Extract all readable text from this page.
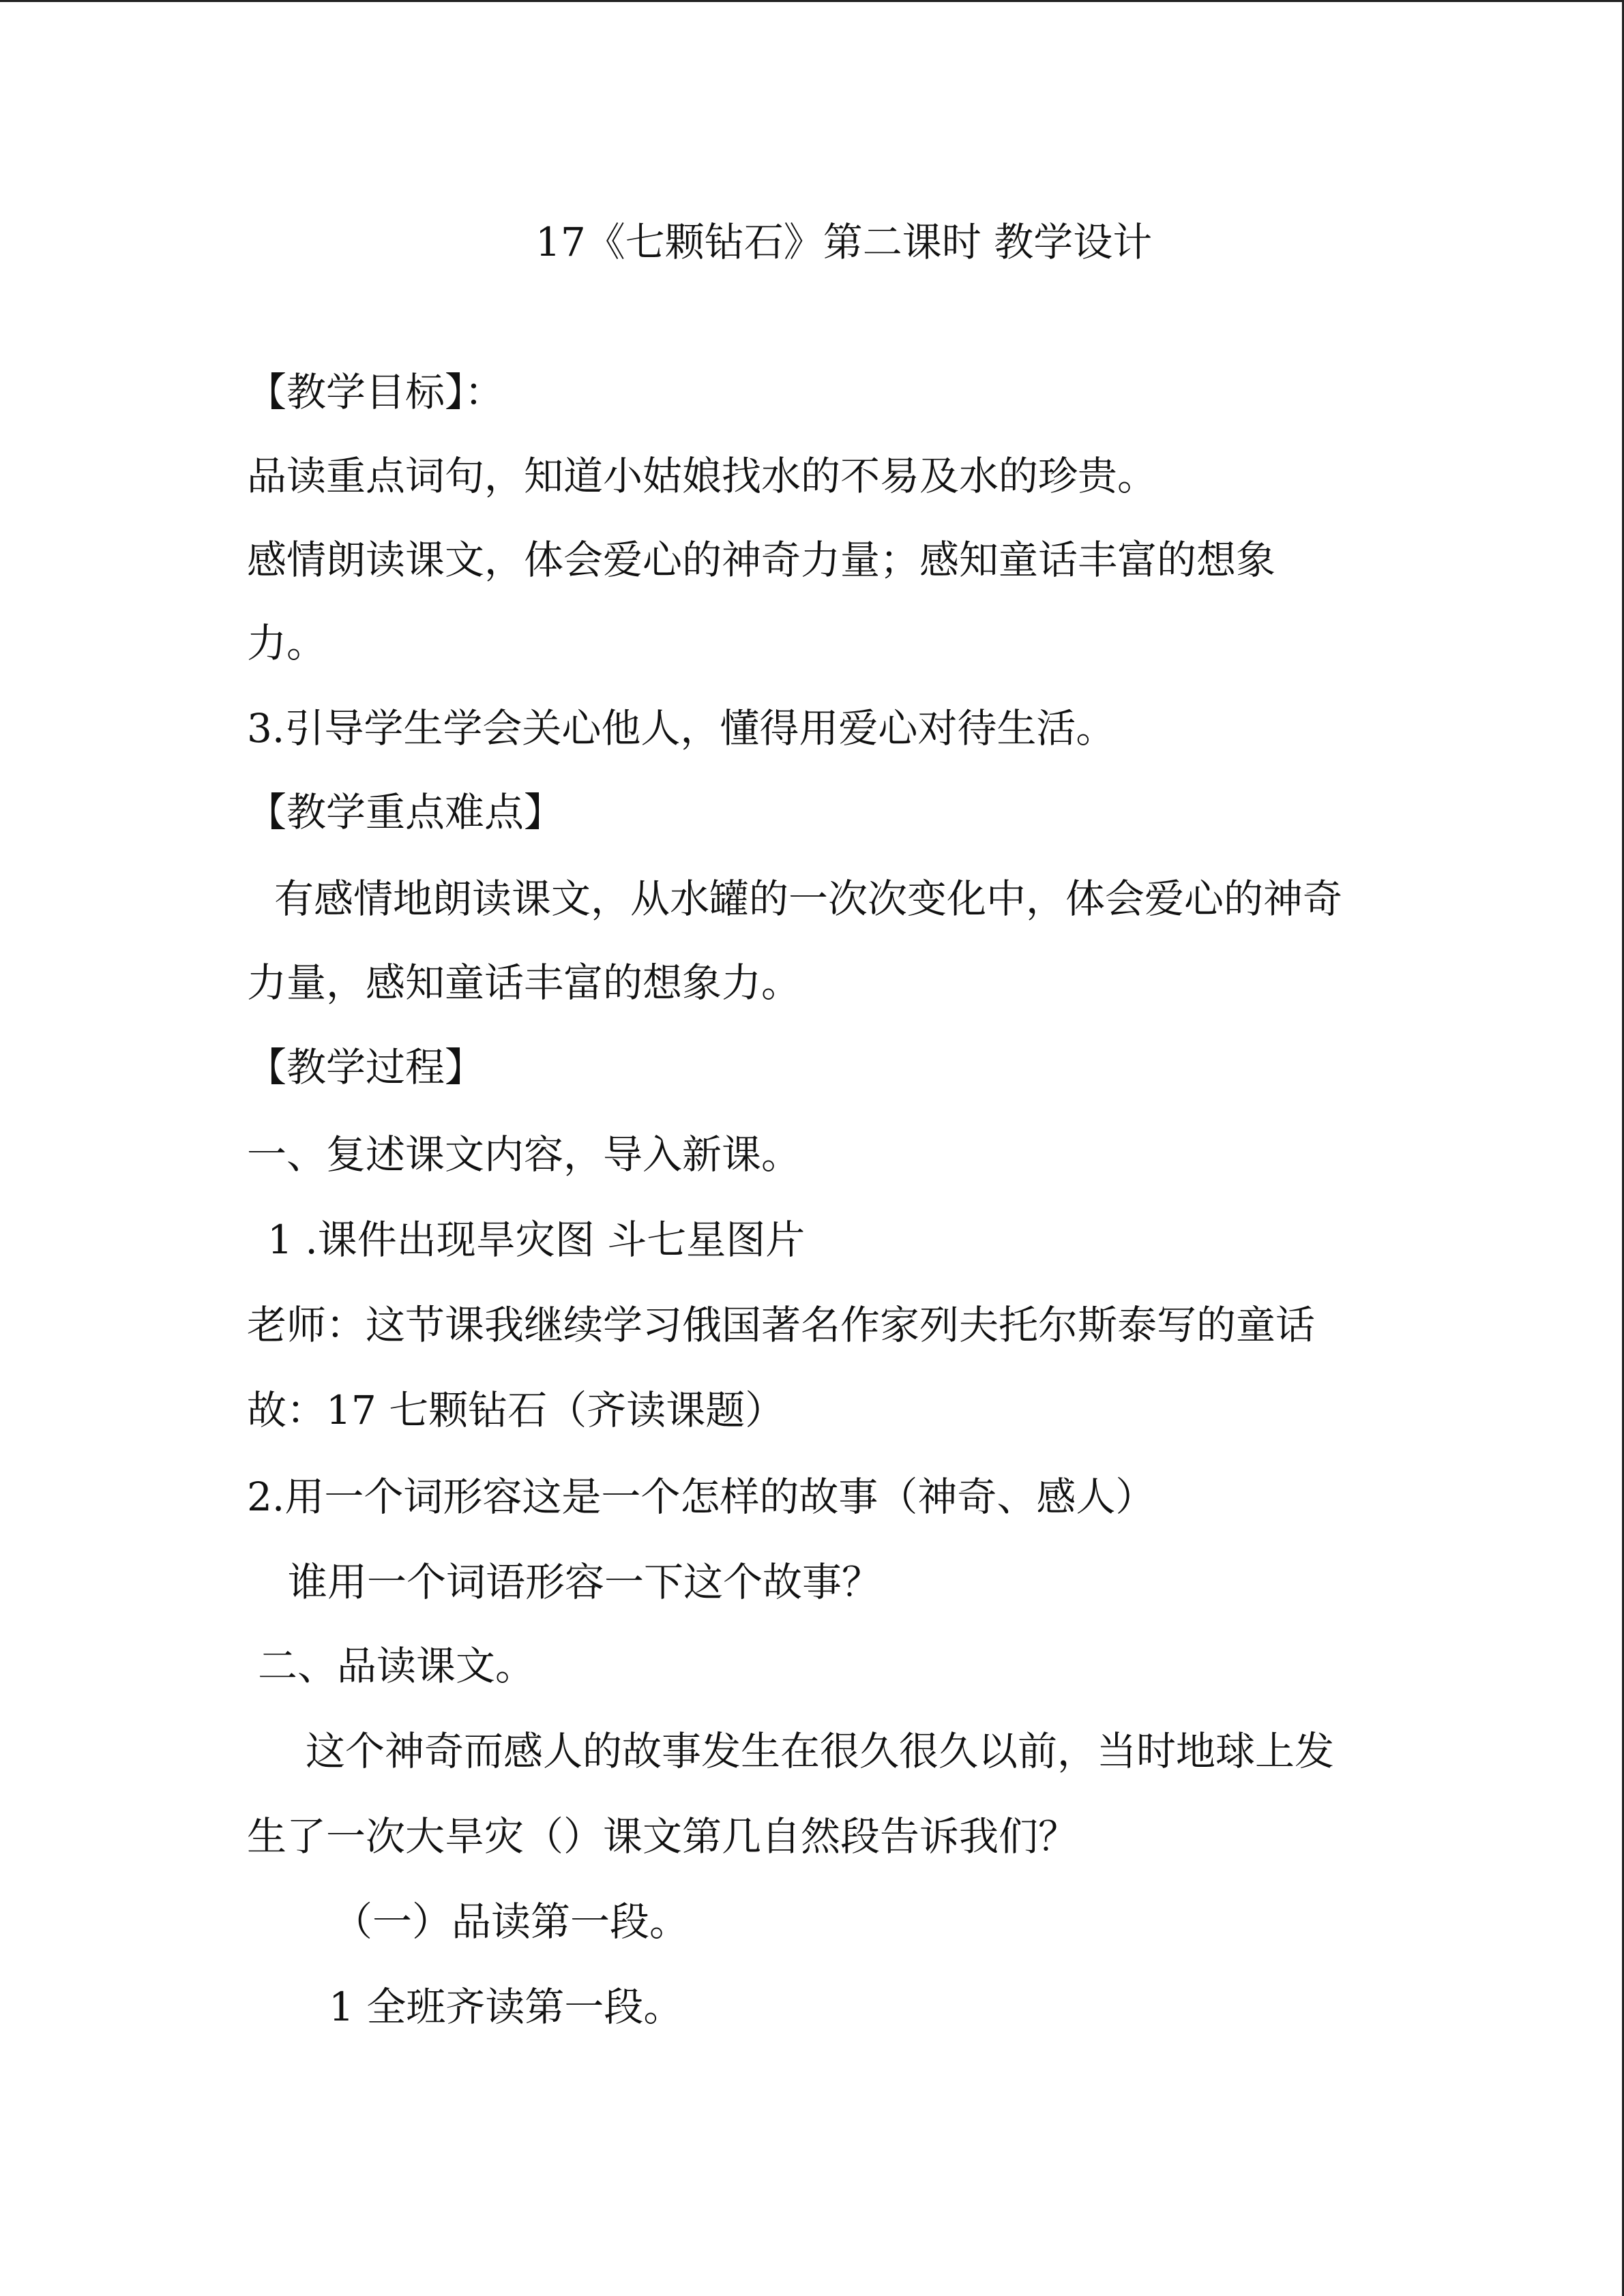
17《七颗钻石》第二课时 教学设计
【教学目标】：
品读重点词句，知道小姑娘找水的不易及水的珍贵。
感情朗读课文，体会爱心的神奇力量；感知童话丰富的想象
力。
3.引导学生学会关心他人，懂得用爱心对待生活。
【教学重点难点】
有感情地朗读课文，从水罐的一次次变化中，体会爱心的神奇
力量，感知童话丰富的想象力。
【教学过程】
一、复述课文内容，导入新课。
1 .课件出现旱灾图 斗七星图片
老师：这节课我继续学习俄国著名作家列夫托尔斯泰写的童话
故：17 七颗钻石（齐读课题）
2.用一个词形容这是一个怎样的故事（神奇、感人）
谁用一个词语形容一下这个故事？
二、品读课文。
这个神奇而感人的故事发生在很久很久以前，当时地球上发
生了一次大旱灾（）课文第几自然段告诉我们？
（一）品读第一段。
1 全班齐读第一段。
